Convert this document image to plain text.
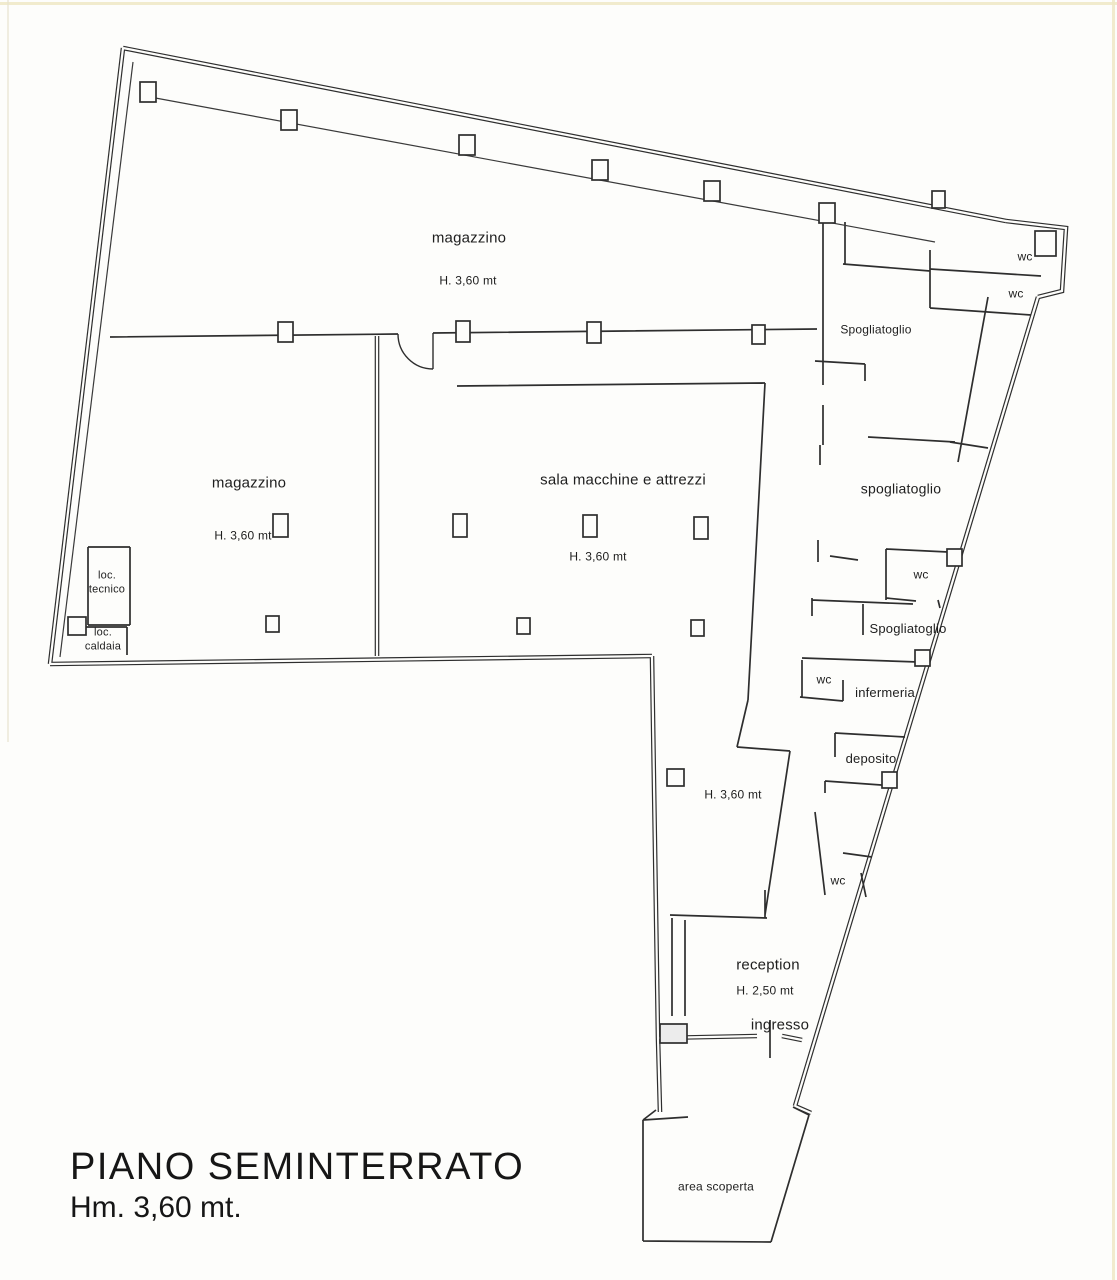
magazzino
H. 3,60 mt
magazzino
H. 3,60 mt
sala macchine e attrezzi
H. 3,60 mt
wc
wc
Spogliatoglio
spogliatoglio
wc
Spogliatoglio
wc
infermeria
deposito
wc
H. 3,60 mt
reception
H. 2,50 mt
ingresso
area scoperta
loc.
tecnico
loc.
caldaia
PIANO SEMINTERRATO
Hm. 3,60 mt.
